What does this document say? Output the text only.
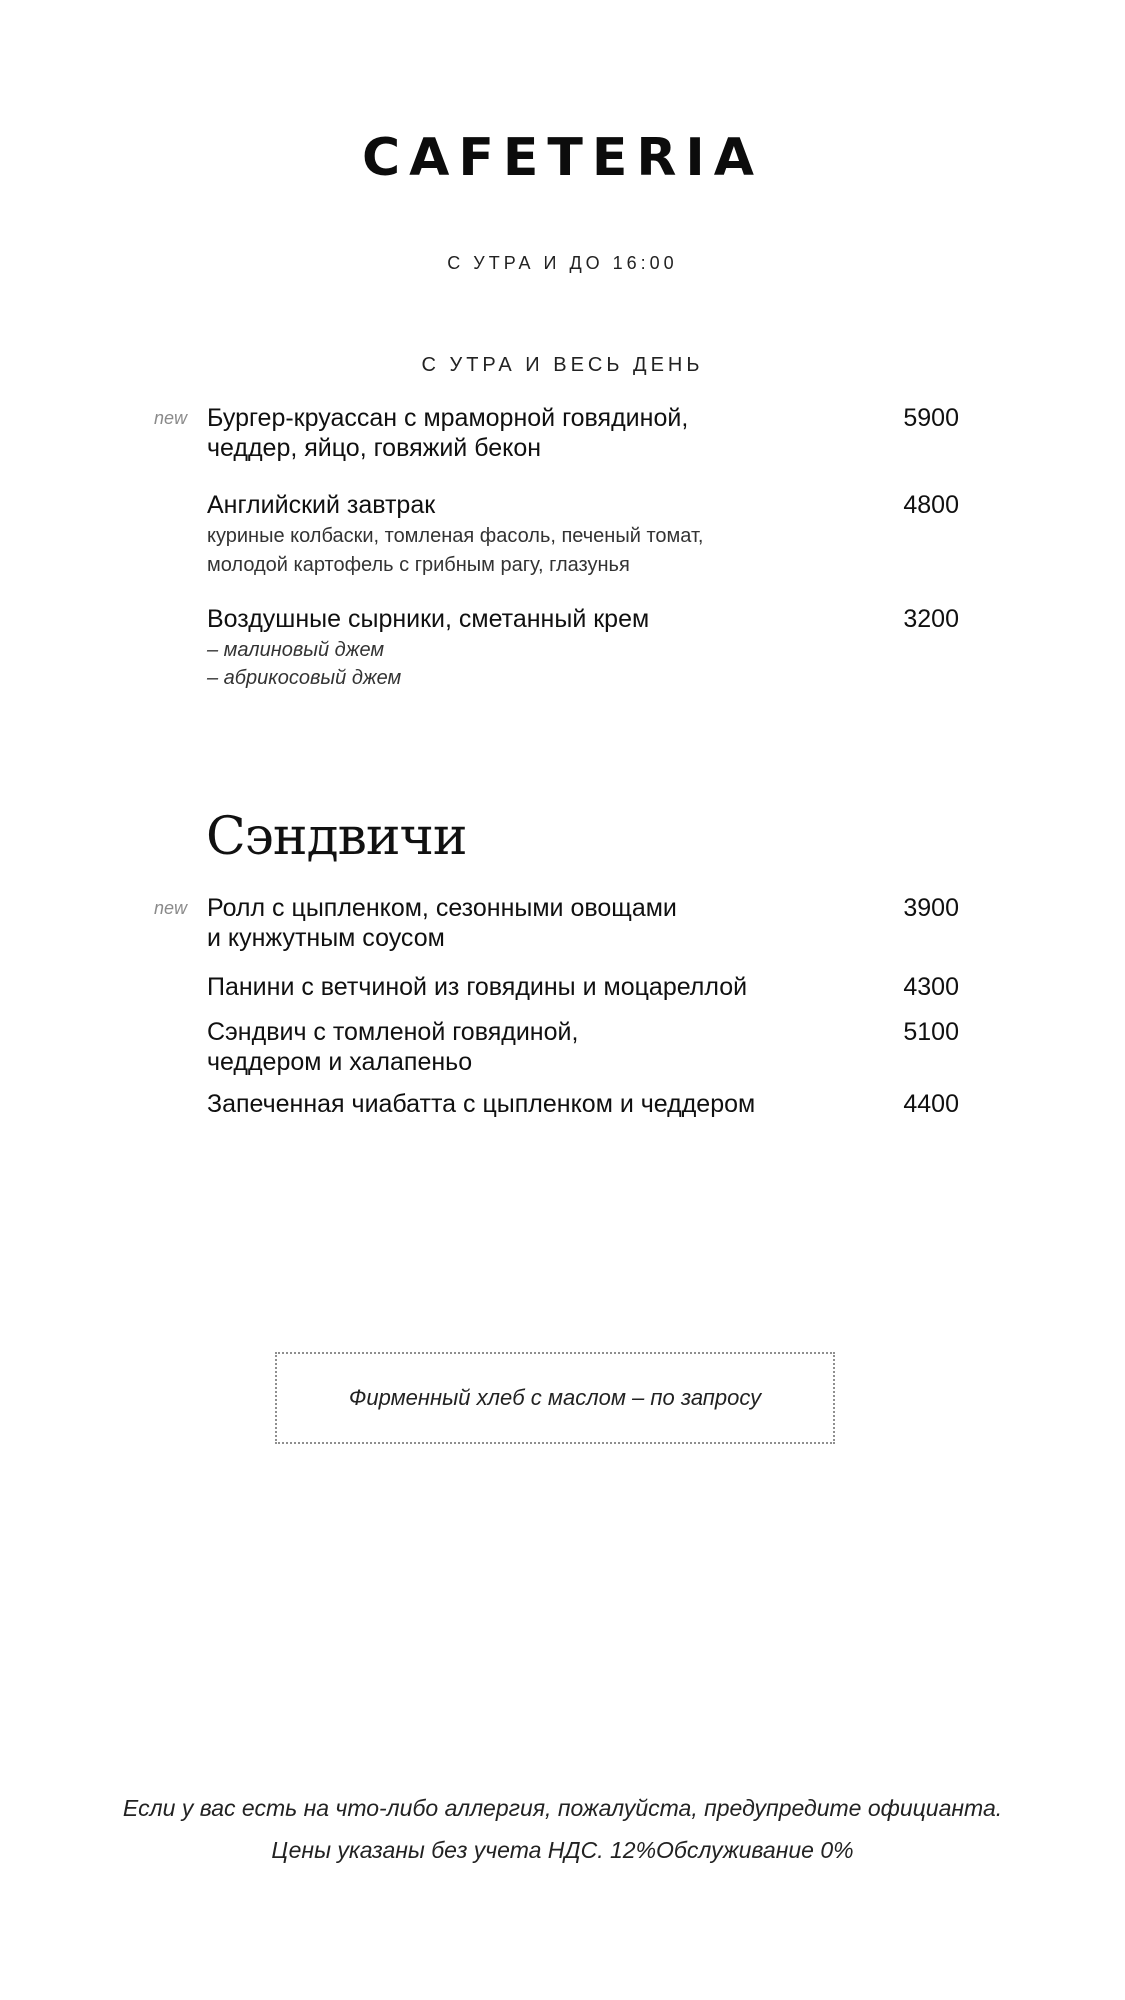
CAFETERIA
С УТРА И ДО 16:00
С УТРА И ВЕСЬ ДЕНЬ
new Бургер-круассан с мраморной говядиной,
чеддер, яйцо, говяжий бекон
5900
Английский завтрак
куриные колбаски, томленая фасоль, печеный томат,
молодой картофель с грибным рагу, глазунья
4800
Воздушные сырники, сметанный крем
– малиновый джем
– абрикосовый джем
3200
Сэндвичи
new Ролл с цыпленком, сезонными овощами
и кунжутным соусом
3900
Панини с ветчиной из говядины и моцареллой	4300
Сэндвич с томленой говядиной,
чеддером и халапеньо
5100
Запеченная чиабатта с цыпленком и чеддером	4400
Фирменный хлеб с маслом – по запросу
Если у вас есть на что-либо аллергия, пожалуйста, предупредите официанта.
Цены указаны без учета НДС. 12%Обслуживание 0%
